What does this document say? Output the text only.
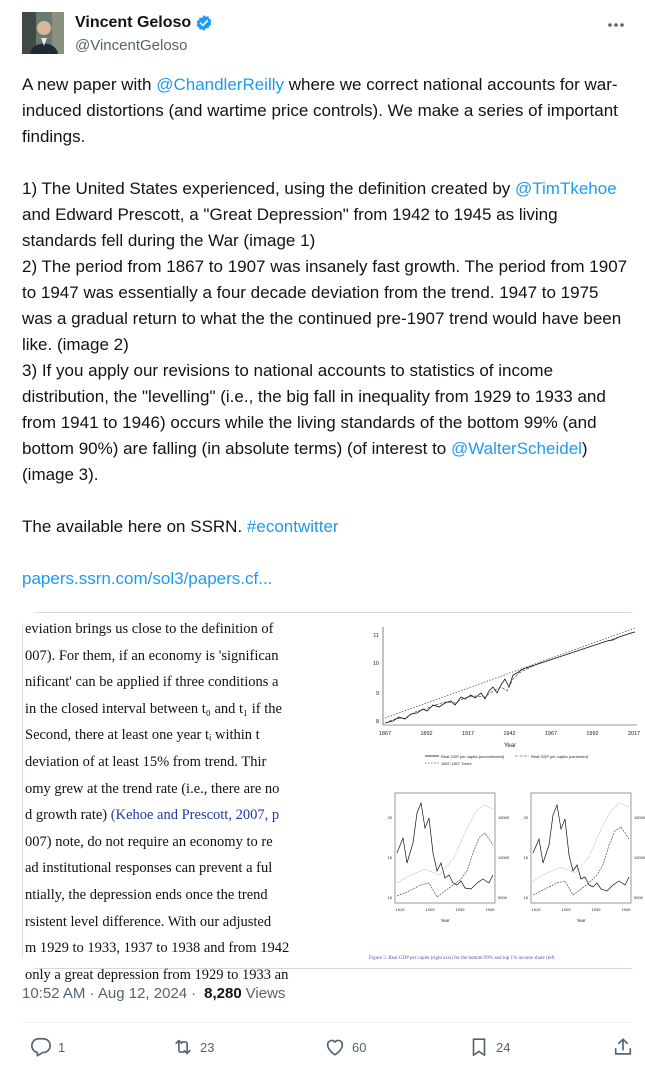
Vincent Geloso
@VincentGeloso

A new paper with @ChandlerReilly where we correct national accounts for war-induced distortions (and wartime price controls). We make a series of important findings.

1) The United States experienced, using the definition created by @TimTkehoe and Edward Prescott, a "Great Depression" from 1942 to 1945 as living standards fell during the War (image 1)

2) The period from 1867 to 1907 was insanely fast growth. The period from 1907 to 1947 was essentially a four decade deviation from the trend. 1947 to 1975 was a gradual return to what the the continued pre-1907 trend would have been like. (image 2)

3) If you apply our revisions to national accounts to statistics of income distribution, the "levelling" (i.e., the big fall in inequality from 1929 to 1933 and from 1941 to 1946) occurs while the living standards of the bottom 99% (and bottom 90%) are falling (in absolute terms) (of interest to @WalterScheidel) (image 3).

The available here on SSRN. #econtwitter

papers.ssrn.com/sol3/papers.cf...

eviation brings us close to the definition of
007). For them, if an economy is 'significan
nificant' can be applied if three conditions a
in the closed interval between t₀ and t₁ if the
Second, there at least one year tᵢ within t
deviation of at least 15% from trend. Thir
omy grew at the trend rate (i.e., there are no
d growth rate) (Kehoe and Prescott, 2007, p
007) note, do not require an economy to re
ad institutional responses can prevent a ful
ntially, the depression ends once the trend
rsistent level difference. With our adjusted
m 1929 to 1933, 1937 to 1938 and from 1942
only a great depression from 1929 to 1933 an
11
10
9
8
1867	1892	1917	1942	1967	1992	2017
Year
Real GDP per capita (unconnected)	Real GDP per capita (corrected)
1867-1907 Trend
20
15
10
15000
10000
5000
1919	1929	1939	1949
Year
20
15
10
15000
10000
5000
1919	1929	1939	1949
Year
Figure 5: Real GDP per capita (right axis) for the bottom 99% and top 1% income share (left
10:52 AM · Aug 12, 2024 · 8,280 Views
1	23	60	24
